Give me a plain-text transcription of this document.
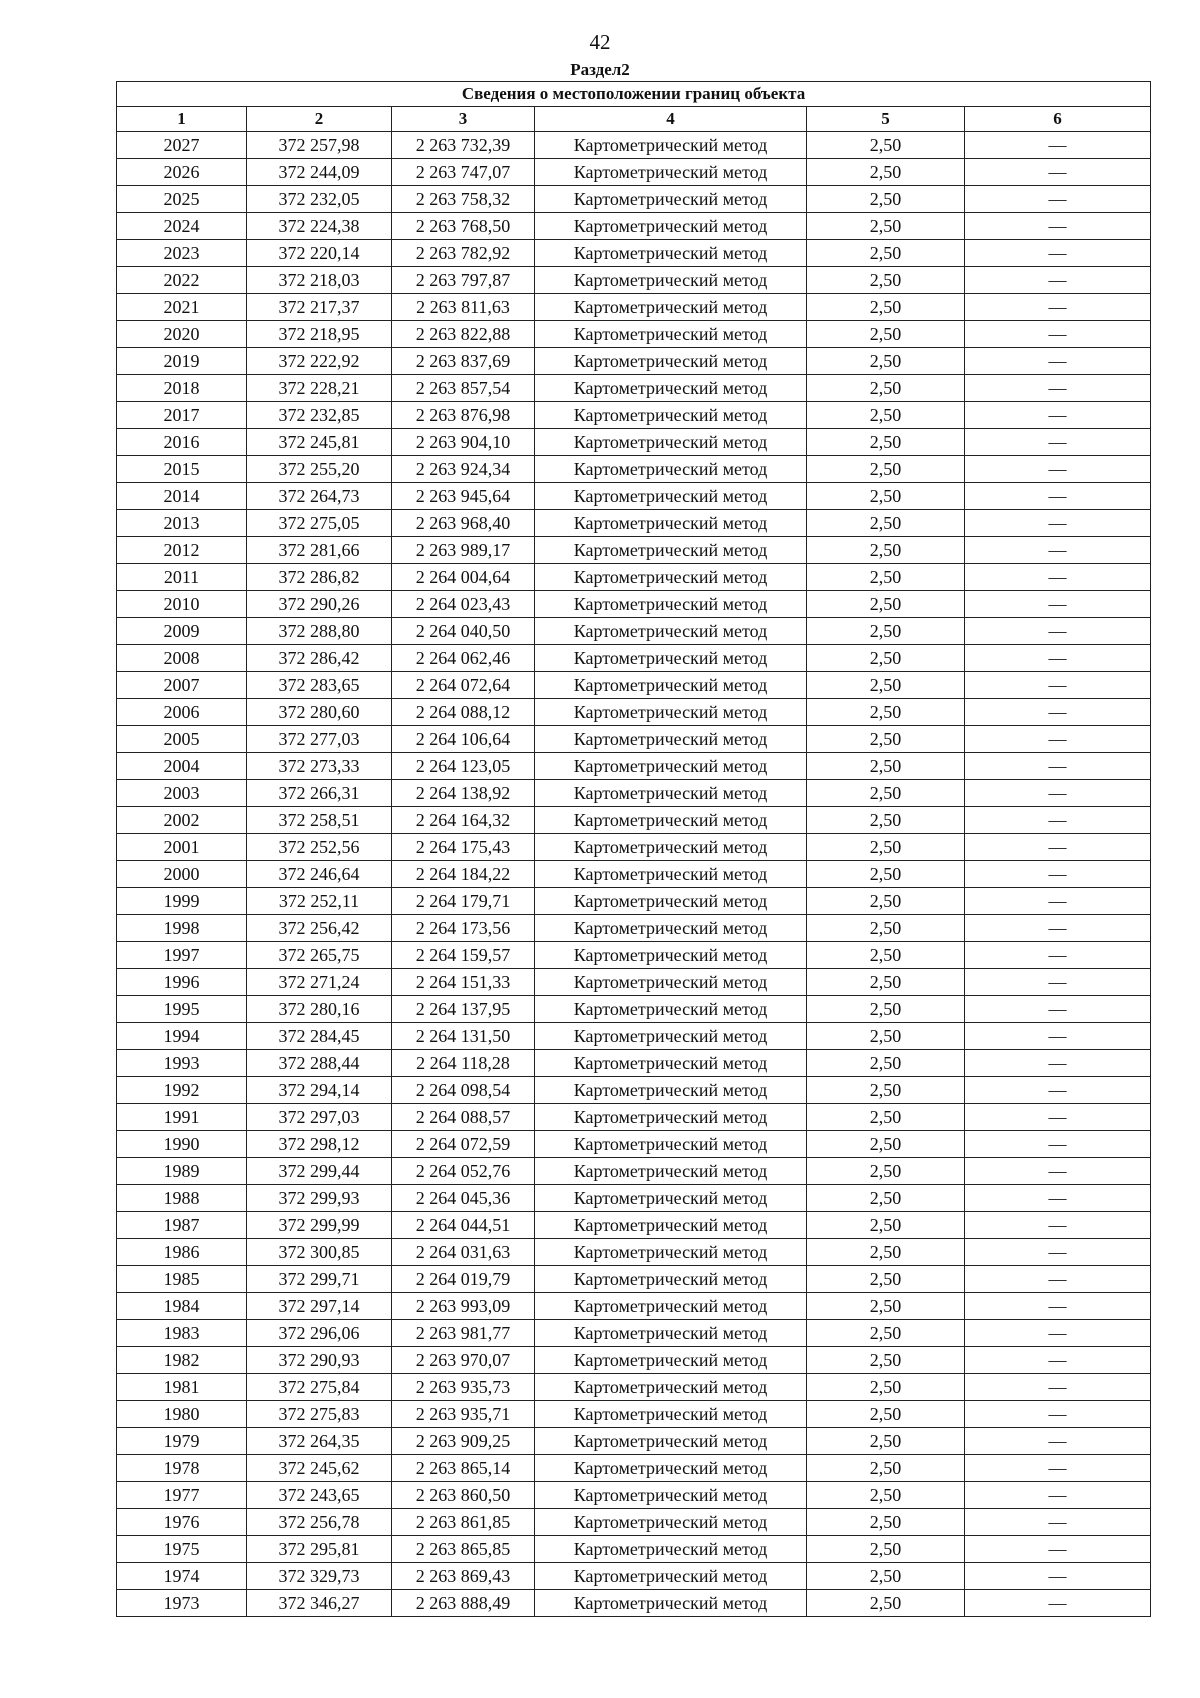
42
Раздел2
Сведения о местоположении границ объекта					
1	2	3	4	5	6
2027	372 257,98	2 263 732,39	Картометрический метод	2,50	—
2026	372 244,09	2 263 747,07	Картометрический метод	2,50	—
2025	372 232,05	2 263 758,32	Картометрический метод	2,50	—
2024	372 224,38	2 263 768,50	Картометрический метод	2,50	—
2023	372 220,14	2 263 782,92	Картометрический метод	2,50	—
2022	372 218,03	2 263 797,87	Картометрический метод	2,50	—
2021	372 217,37	2 263 811,63	Картометрический метод	2,50	—
2020	372 218,95	2 263 822,88	Картометрический метод	2,50	—
2019	372 222,92	2 263 837,69	Картометрический метод	2,50	—
2018	372 228,21	2 263 857,54	Картометрический метод	2,50	—
2017	372 232,85	2 263 876,98	Картометрический метод	2,50	—
2016	372 245,81	2 263 904,10	Картометрический метод	2,50	—
2015	372 255,20	2 263 924,34	Картометрический метод	2,50	—
2014	372 264,73	2 263 945,64	Картометрический метод	2,50	—
2013	372 275,05	2 263 968,40	Картометрический метод	2,50	—
2012	372 281,66	2 263 989,17	Картометрический метод	2,50	—
2011	372 286,82	2 264 004,64	Картометрический метод	2,50	—
2010	372 290,26	2 264 023,43	Картометрический метод	2,50	—
2009	372 288,80	2 264 040,50	Картометрический метод	2,50	—
2008	372 286,42	2 264 062,46	Картометрический метод	2,50	—
2007	372 283,65	2 264 072,64	Картометрический метод	2,50	—
2006	372 280,60	2 264 088,12	Картометрический метод	2,50	—
2005	372 277,03	2 264 106,64	Картометрический метод	2,50	—
2004	372 273,33	2 264 123,05	Картометрический метод	2,50	—
2003	372 266,31	2 264 138,92	Картометрический метод	2,50	—
2002	372 258,51	2 264 164,32	Картометрический метод	2,50	—
2001	372 252,56	2 264 175,43	Картометрический метод	2,50	—
2000	372 246,64	2 264 184,22	Картометрический метод	2,50	—
1999	372 252,11	2 264 179,71	Картометрический метод	2,50	—
1998	372 256,42	2 264 173,56	Картометрический метод	2,50	—
1997	372 265,75	2 264 159,57	Картометрический метод	2,50	—
1996	372 271,24	2 264 151,33	Картометрический метод	2,50	—
1995	372 280,16	2 264 137,95	Картометрический метод	2,50	—
1994	372 284,45	2 264 131,50	Картометрический метод	2,50	—
1993	372 288,44	2 264 118,28	Картометрический метод	2,50	—
1992	372 294,14	2 264 098,54	Картометрический метод	2,50	—
1991	372 297,03	2 264 088,57	Картометрический метод	2,50	—
1990	372 298,12	2 264 072,59	Картометрический метод	2,50	—
1989	372 299,44	2 264 052,76	Картометрический метод	2,50	—
1988	372 299,93	2 264 045,36	Картометрический метод	2,50	—
1987	372 299,99	2 264 044,51	Картометрический метод	2,50	—
1986	372 300,85	2 264 031,63	Картометрический метод	2,50	—
1985	372 299,71	2 264 019,79	Картометрический метод	2,50	—
1984	372 297,14	2 263 993,09	Картометрический метод	2,50	—
1983	372 296,06	2 263 981,77	Картометрический метод	2,50	—
1982	372 290,93	2 263 970,07	Картометрический метод	2,50	—
1981	372 275,84	2 263 935,73	Картометрический метод	2,50	—
1980	372 275,83	2 263 935,71	Картометрический метод	2,50	—
1979	372 264,35	2 263 909,25	Картометрический метод	2,50	—
1978	372 245,62	2 263 865,14	Картометрический метод	2,50	—
1977	372 243,65	2 263 860,50	Картометрический метод	2,50	—
1976	372 256,78	2 263 861,85	Картометрический метод	2,50	—
1975	372 295,81	2 263 865,85	Картометрический метод	2,50	—
1974	372 329,73	2 263 869,43	Картометрический метод	2,50	—
1973	372 346,27	2 263 888,49	Картометрический метод	2,50	—
